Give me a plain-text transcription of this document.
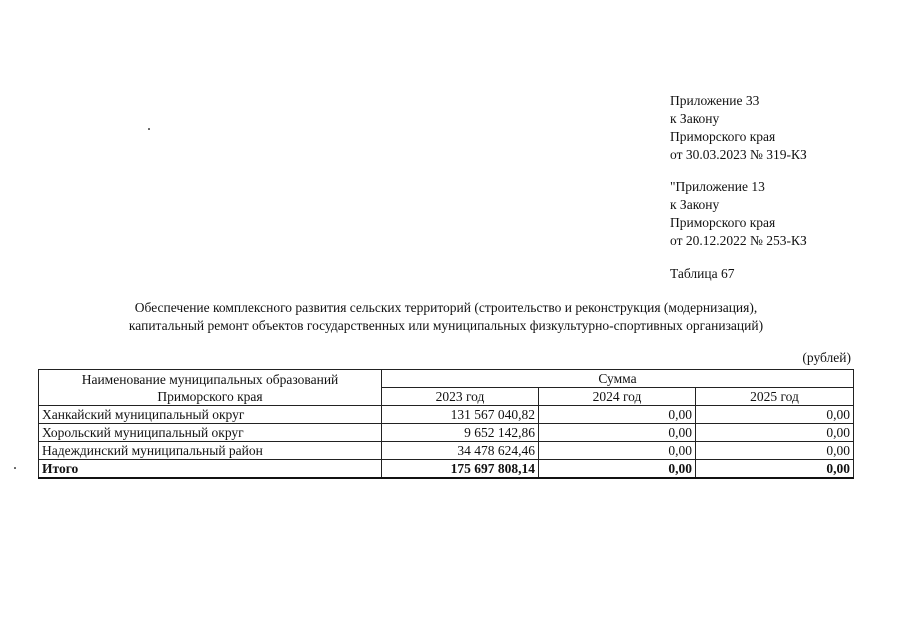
Приложение 33
к Закону
Приморского края
от 30.03.2023 № 319-КЗ
"Приложение 13
к Закону
Приморского края
от 20.12.2022 № 253-КЗ
Таблица 67
Обеспечение комплексного развития сельских территорий (строительство и реконструкция (модернизация),
капитальный ремонт объектов государственных или муниципальных физкультурно-спортивных организаций)
(рублей)
Наименование муниципальных образований
Приморского края	Сумма		
	2023 год	2024 год	2025 год
Ханкайский муниципальный округ	131 567 040,82	0,00	0,00
Хорольский муниципальный округ	9 652 142,86	0,00	0,00
Надеждинский муниципальный район	34 478 624,46	0,00	0,00
Итого	175 697 808,14	0,00	0,00
